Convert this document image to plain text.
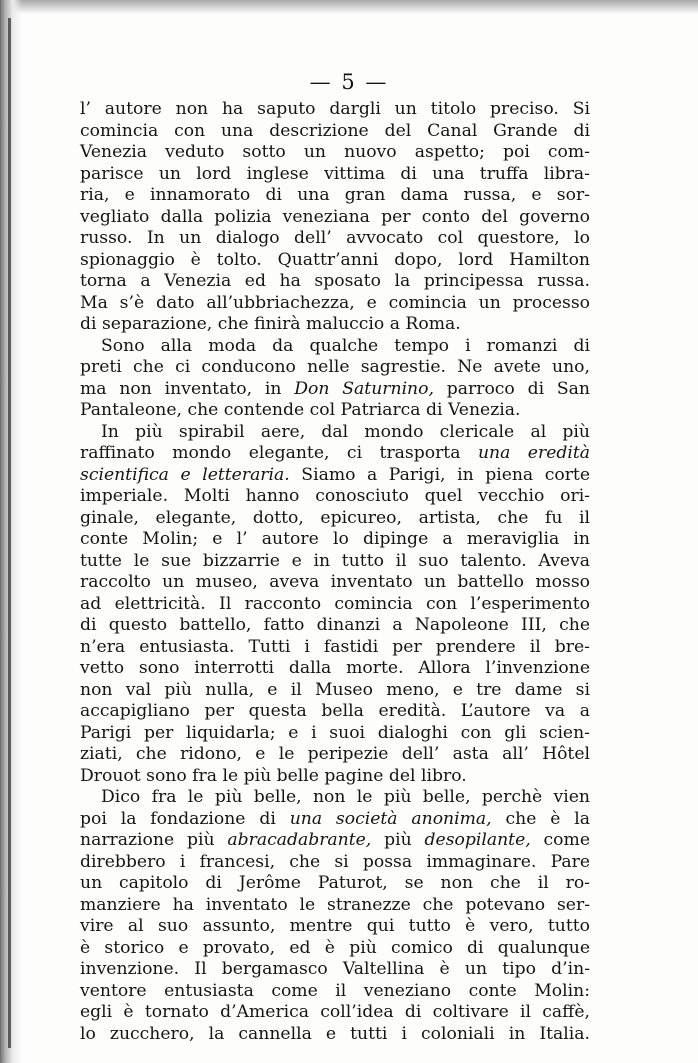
— 5 —
l’ autore non ha saputo dargli un titolo preciso. Si
comincia con una descrizione del Canal Grande di
Venezia veduto sotto un nuovo aspetto; poi com-
parisce un lord inglese vittima di una truffa libra-
ria, e innamorato di una gran dama russa, e sor-
vegliato dalla polizia veneziana per conto del governo
russo. In un dialogo dell’ avvocato col questore, lo
spionaggio è tolto. Quattr’anni dopo, lord Hamilton
torna a Venezia ed ha sposato la principessa russa.
Ma s’è dato all’ubbriachezza, e comincia un processo
di separazione, che finirà maluccio a Roma.
Sono alla moda da qualche tempo i romanzi di
preti che ci conducono nelle sagrestie. Ne avete uno,
ma non inventato, in Don Saturnino, parroco di San
Pantaleone, che contende col Patriarca di Venezia.
In più spirabil aere, dal mondo clericale al più
raffinato mondo elegante, ci trasporta una eredità
scientifica e letteraria. Siamo a Parigi, in piena corte
imperiale. Molti hanno conosciuto quel vecchio ori-
ginale, elegante, dotto, epicureo, artista, che fu il
conte Molin; e l’ autore lo dipinge a meraviglia in
tutte le sue bizzarrie e in tutto il suo talento. Aveva
raccolto un museo, aveva inventato un battello mosso
ad elettricità. Il racconto comincia con l’esperimento
di questo battello, fatto dinanzi a Napoleone III, che
n’era entusiasta. Tutti i fastidi per prendere il bre-
vetto sono interrotti dalla morte. Allora l’invenzione
non val più nulla, e il Museo meno, e tre dame si
accapigliano per questa bella eredità. L’autore va a
Parigi per liquidarla; e i suoi dialoghi con gli scien-
ziati, che ridono, e le peripezie dell’ asta all’ Hôtel
Drouot sono fra le più belle pagine del libro.
Dico fra le più belle, non le più belle, perchè vien
poi la fondazione di una società anonima, che è la
narrazione più abracadabrante, più desopilante, come
direbbero i francesi, che si possa immaginare. Pare
un capitolo di Jerôme Paturot, se non che il ro-
manziere ha inventato le stranezze che potevano ser-
vire al suo assunto, mentre qui tutto è vero, tutto
è storico e provato, ed è più comico di qualunque
invenzione. Il bergamasco Valtellina è un tipo d’in-
ventore entusiasta come il veneziano conte Molin:
egli è tornato d’America coll’idea di coltivare il caffè,
lo zucchero, la cannella e tutti i coloniali in Italia.
